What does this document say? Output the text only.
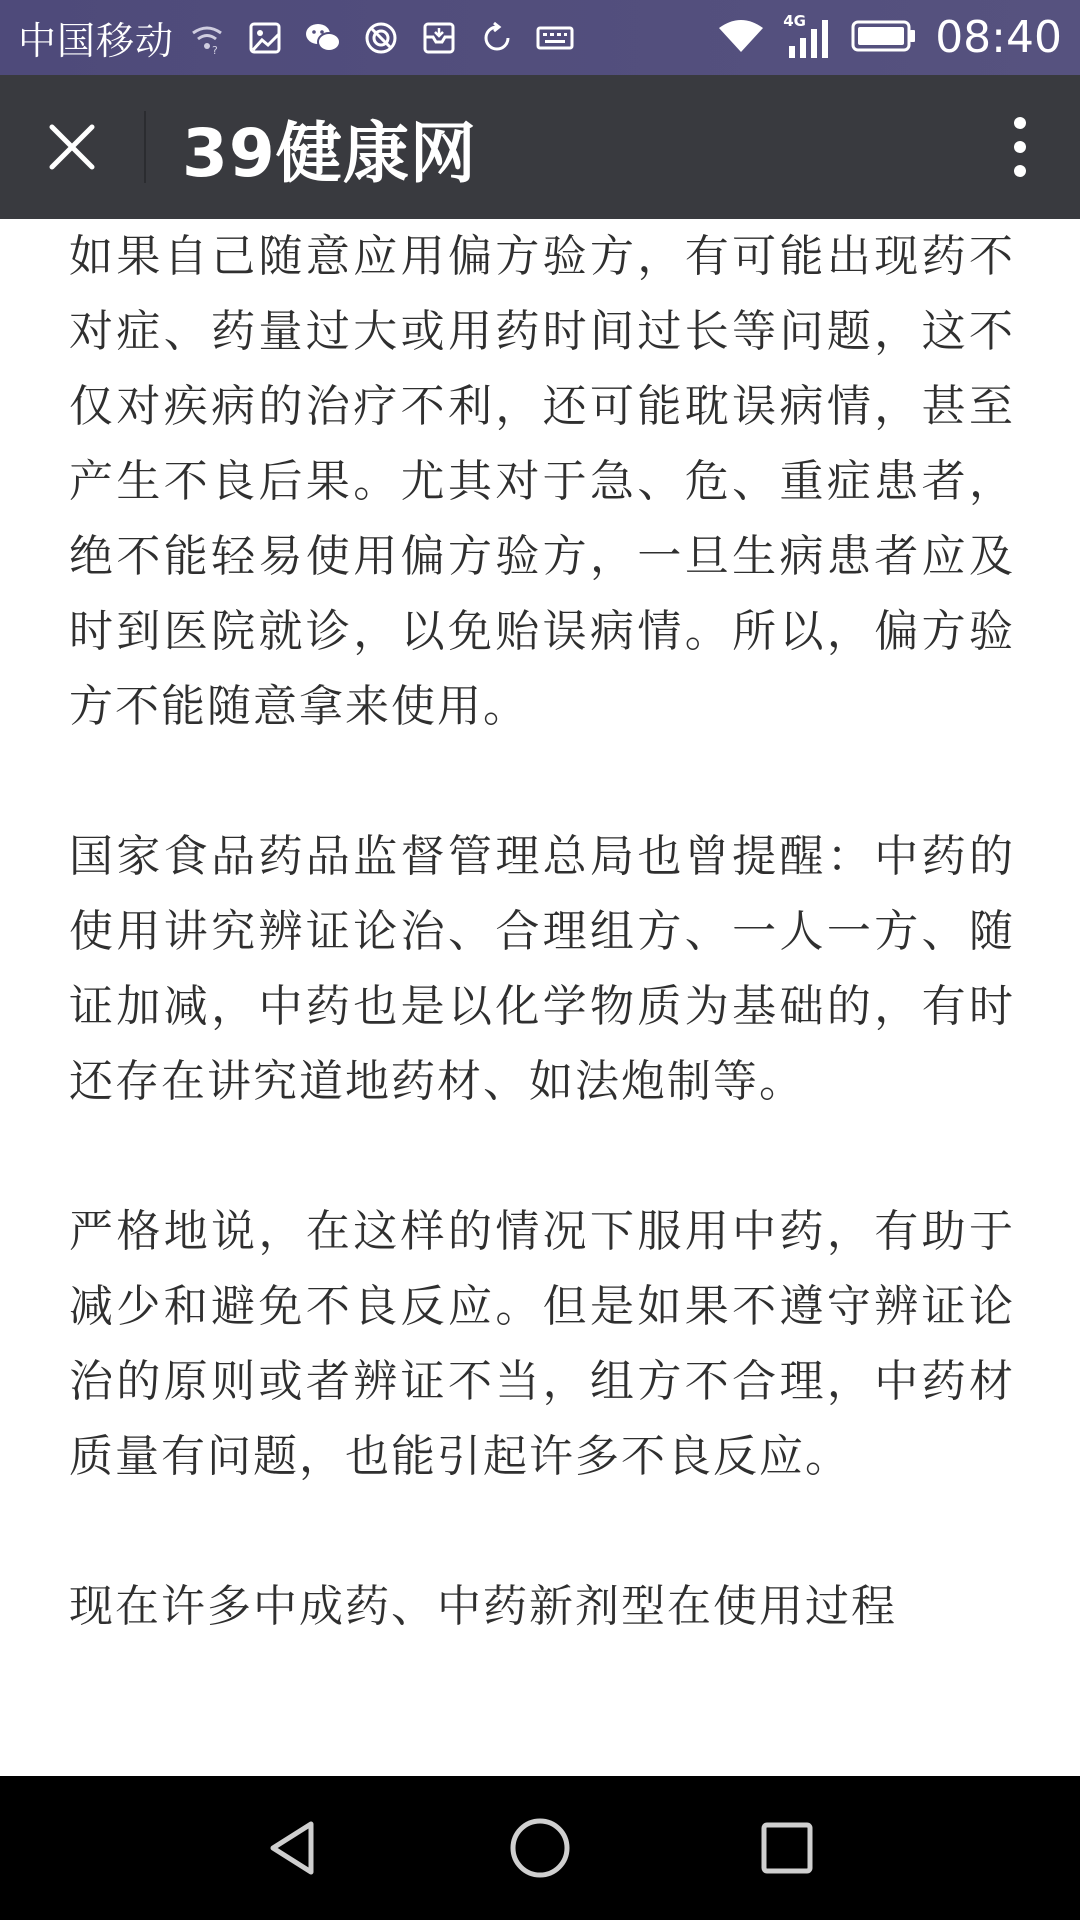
中国移动	?
4G	08:40
39健康网

如果自己随意应用偏方验方，有可能出现药不对症、药量过大或用药时间过长等问题，这不仅对疾病的治疗不利，还可能耽误病情，甚至产生不良后果。尤其对于急、危、重症患者，绝不能轻易使用偏方验方，一旦生病患者应及时到医院就诊，以免贻误病情。所以，偏方验方不能随意拿来使用。

国家食品药品监督管理总局也曾提醒：中药的使用讲究辨证论治、合理组方、一人一方、随证加减，中药也是以化学物质为基础的，有时还存在讲究道地药材、如法炮制等。

严格地说，在这样的情况下服用中药，有助于减少和避免不良反应。但是如果不遵守辨证论治的原则或者辨证不当，组方不合理，中药材质量有问题，也能引起许多不良反应。

现在许多中成药、中药新剂型在使用过程
